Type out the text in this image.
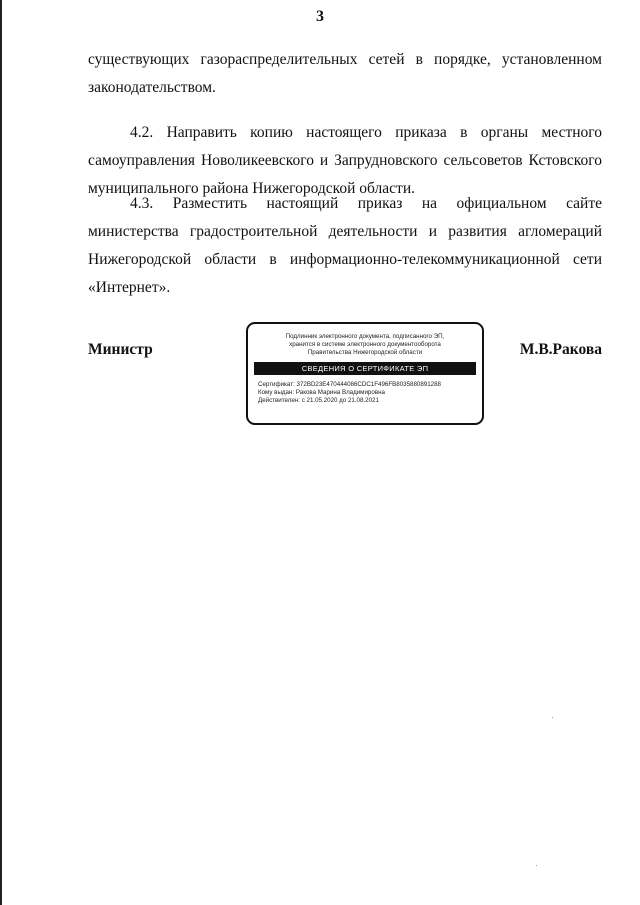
3

существующих газораспределительных сетей в порядке, установленном законодательством.

4.2. Направить копию настоящего приказа в органы местного самоуправления Новоликеевского и Запрудновского сельсоветов Кстовского муниципального района Нижегородской области.

4.3. Разместить настоящий приказ на официальном сайте министерства градостроительной деятельности и развития агломераций Нижегородской области в информационно-телекоммуникационной сети «Интернет».

Министр	М.В.Ракова
Подлинник электронного документа, подписанного ЭП,
хранится в системе электронного документооборота
Правительства Нижегородской области
СВЕДЕНИЯ О СЕРТИФИКАТЕ ЭП
Сертификат: 372BD23E470444086CDC1F496FB8035880891288
Кому выдан: Ракова Марина Владимировна
Действителен: с 21.05.2020 до 21.08.2021
